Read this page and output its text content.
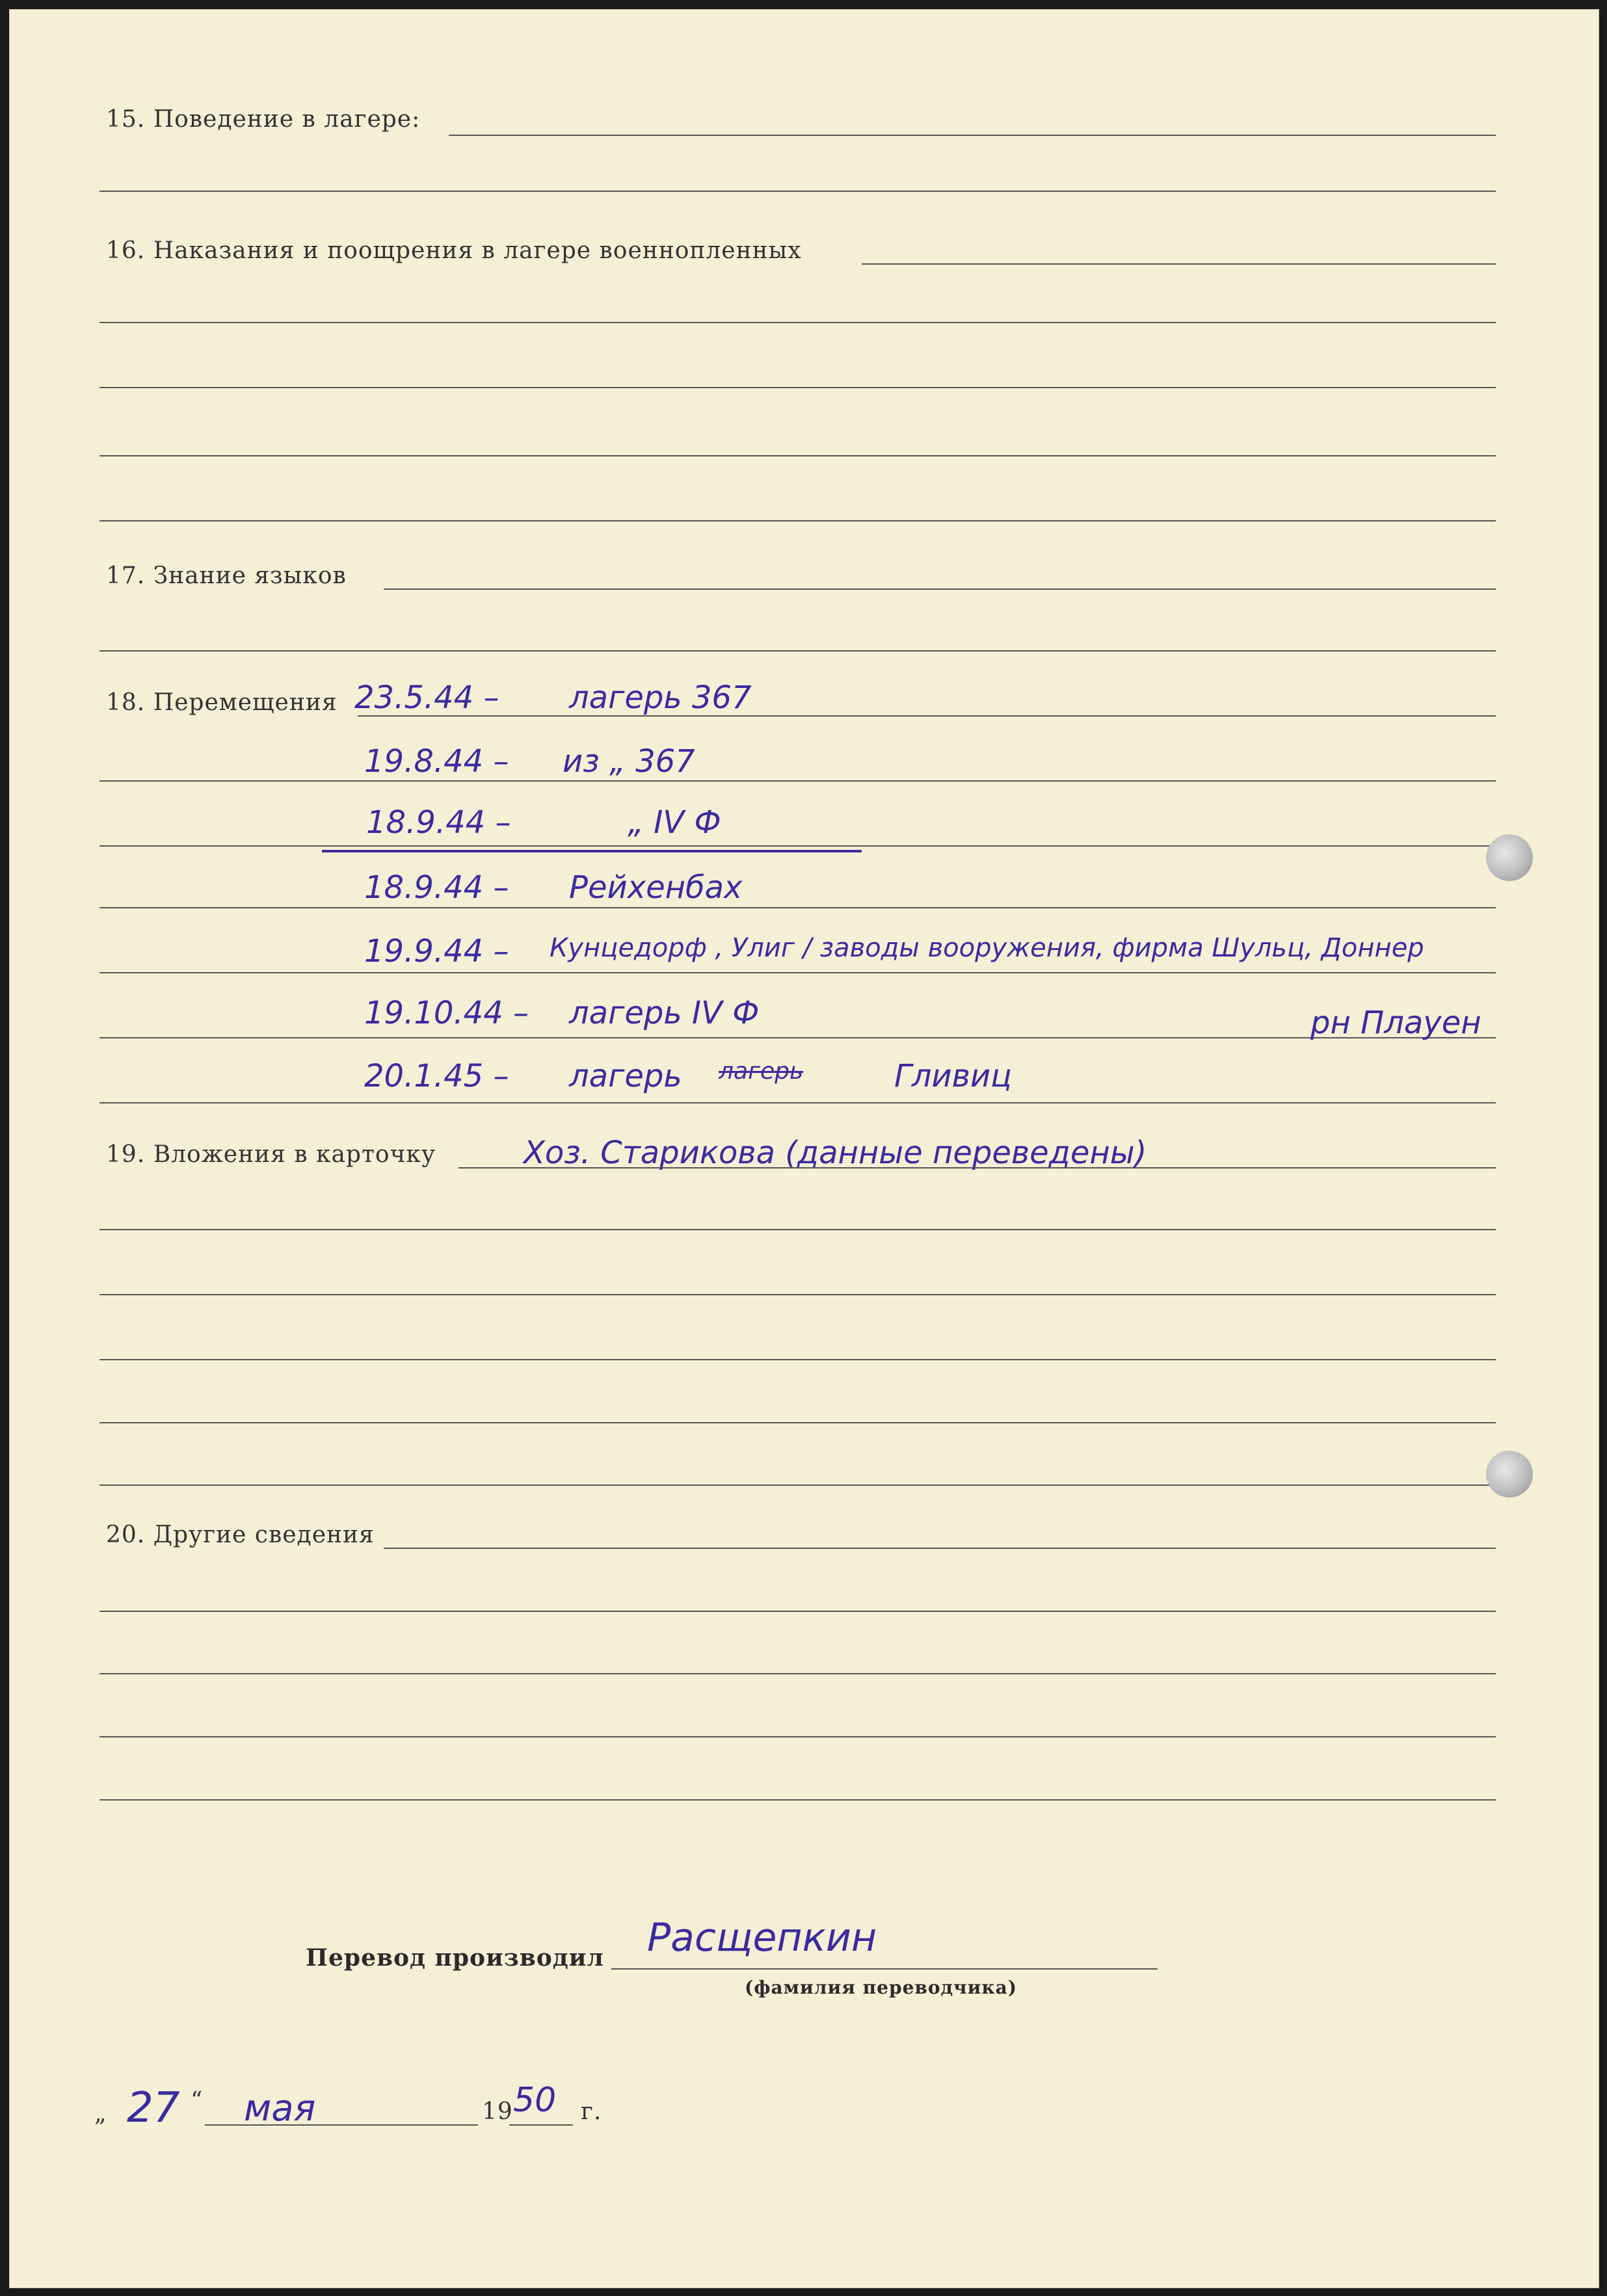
15. Поведение в лагере:
16. Наказания и поощрения в лагере военнопленных
17. Знание языков
18. Перемещения 23.5.44 – лагерь 367
19.8.44 – из „ 367
18.9.44 –	„ IV Ф
18.9.44 – Рейхенбах
19.9.44 – Кунцедорф , Улиг / заводы вооружения, фирма Шульц, Доннер
19.10.44 – лагерь IV Ф	рн Плауен
20.1.45 – лагерь лагерь	Гливиц
19. Вложения в карточку	Хоз. Старикова (данные переведены)
20. Другие сведения
Перевод производил Расщепкин
(фамилия переводчика)
„ 27 “ мая	19 50 г.
